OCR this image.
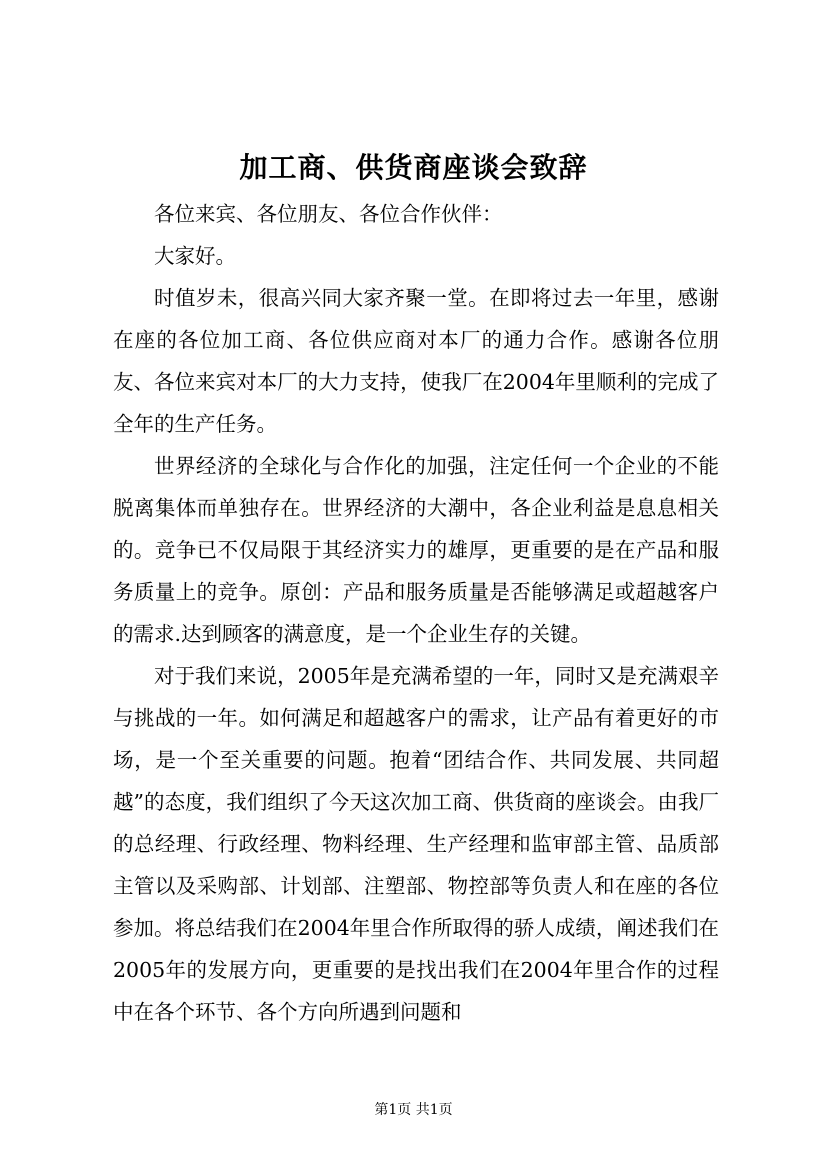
加工商、供货商座谈会致辞

各位来宾、各位朋友、各位合作伙伴：

大家好。

时值岁未，很高兴同大家齐聚一堂。在即将过去一年里，感谢在座的各位加工商、各位供应商对本厂的通力合作。感谢各位朋友、各位来宾对本厂的大力支持，使我厂在2004年里顺利的完成了全年的生产任务。

世界经济的全球化与合作化的加强，注定任何一个企业的不能脱离集体而单独存在。世界经济的大潮中，各企业利益是息息相关的。竞争已不仅局限于其经济实力的雄厚，更重要的是在产品和服务质量上的竞争。原创：产品和服务质量是否能够满足或超越客户的需求.达到顾客的满意度，是一个企业生存的关键。

对于我们来说，2005年是充满希望的一年，同时又是充满艰辛与挑战的一年。如何满足和超越客户的需求，让产品有着更好的市场，是一个至关重要的问题。抱着“团结合作、共同发展、共同超越”的态度，我们组织了今天这次加工商、供货商的座谈会。由我厂的总经理、行政经理、物料经理、生产经理和监审部主管、品质部主管以及采购部、计划部、注塑部、物控部等负责人和在座的各位参加。将总结我们在2004年里合作所取得的骄人成绩，阐述我们在2005年的发展方向，更重要的是找出我们在2004年里合作的过程中在各个环节、各个方向所遇到问题和

第1页 共1页
